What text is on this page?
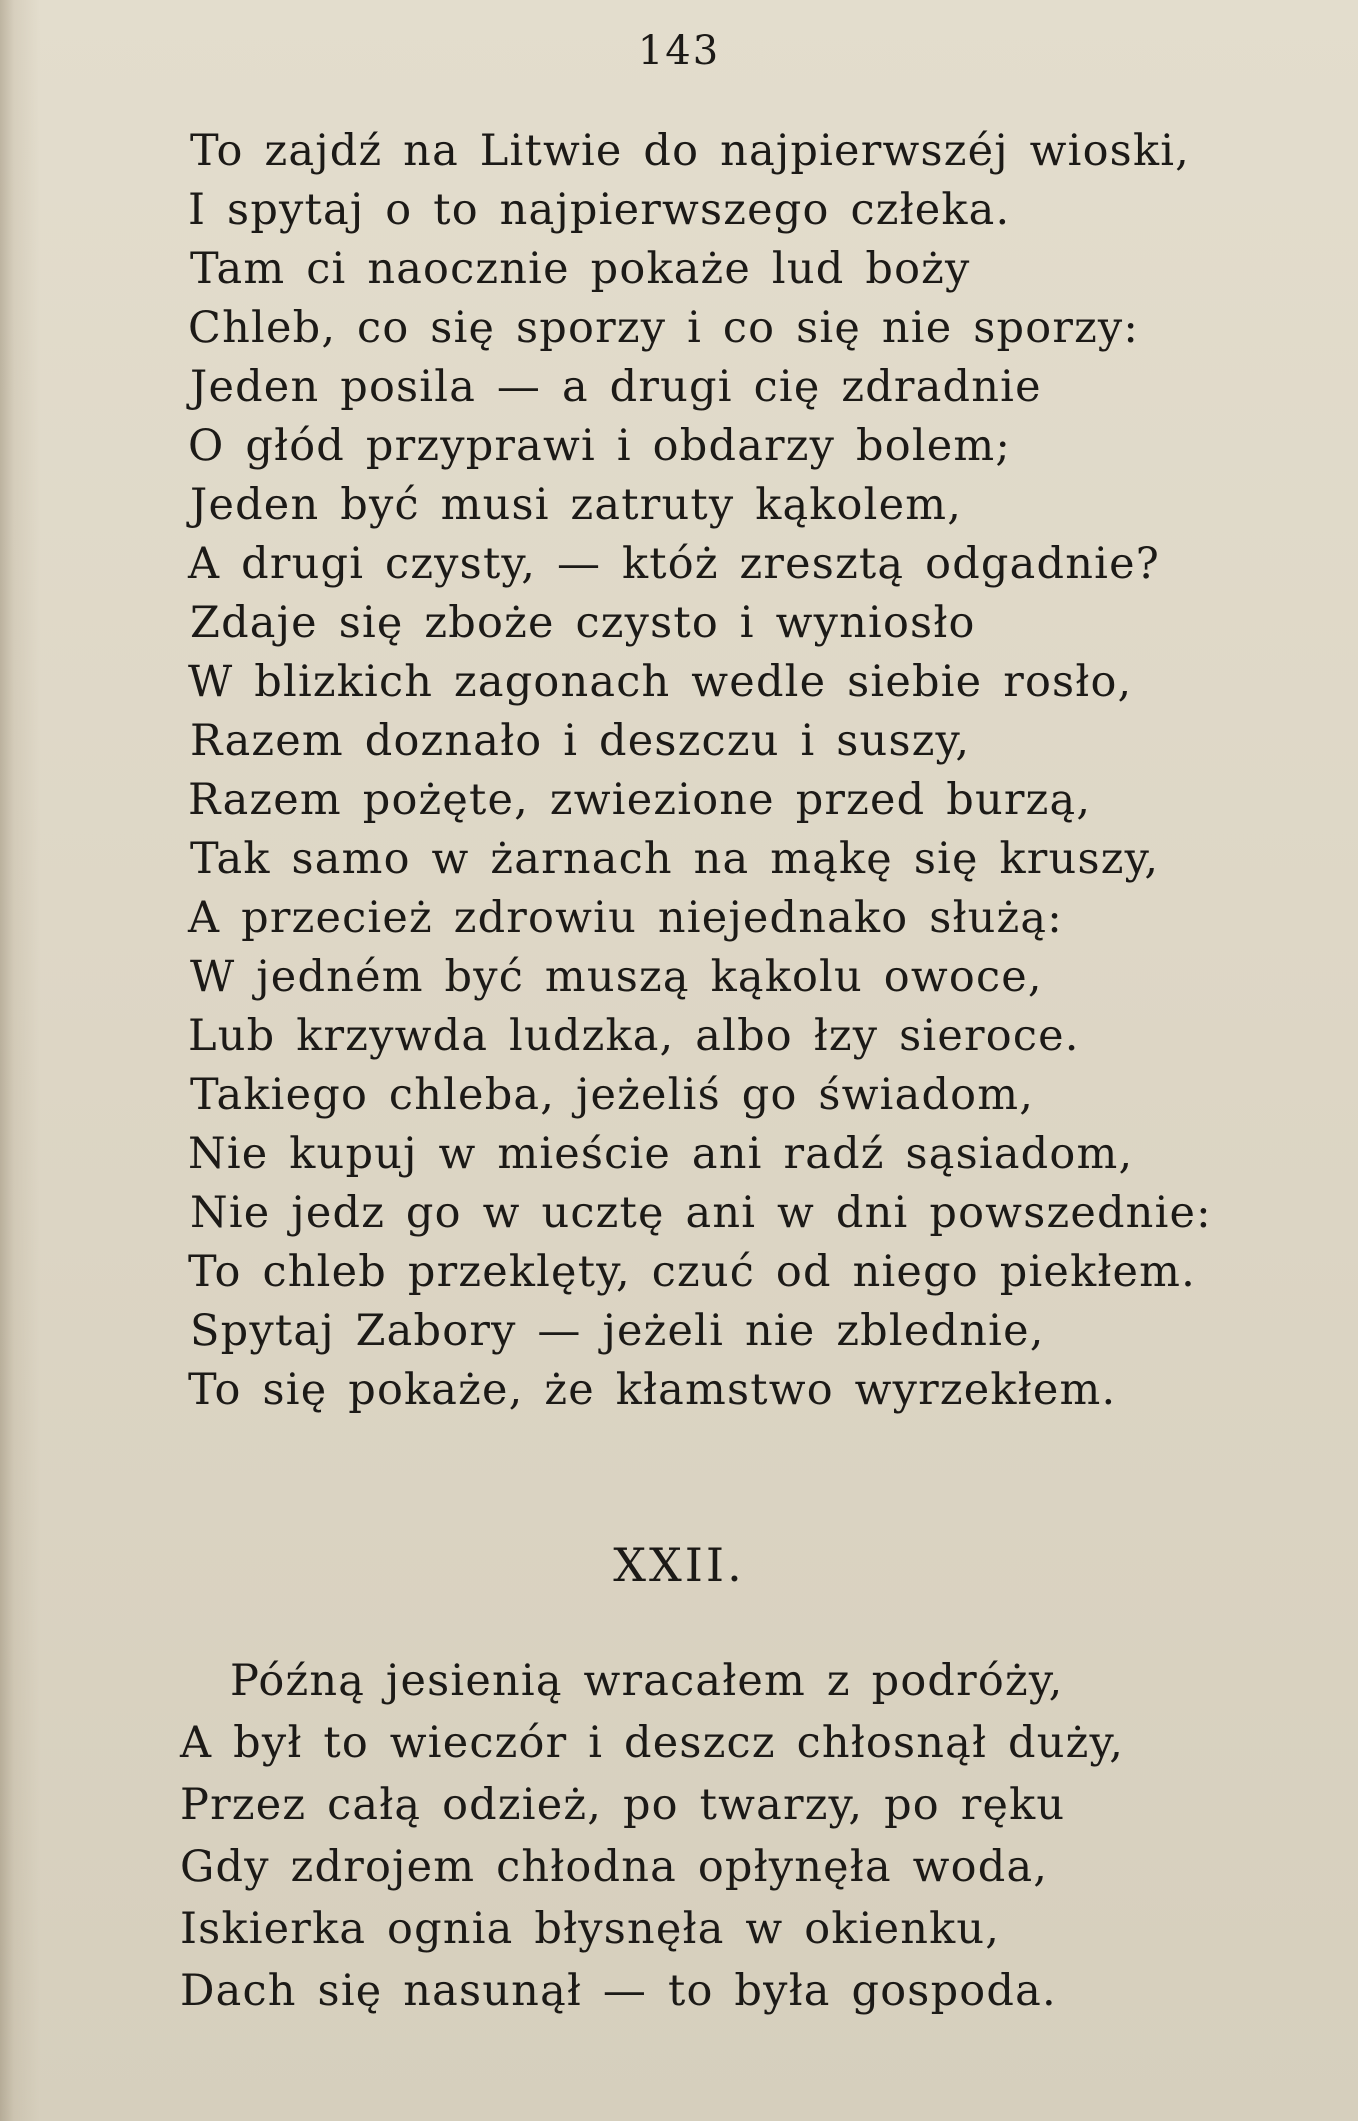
143
To zajdź na Litwie do najpierwszéj wioski,
I spytaj o to najpierwszego człeka.
Tam ci naocznie pokaże lud boży
Chleb, co się sporzy i co się nie sporzy:
Jeden posila — a drugi cię zdradnie
O głód przyprawi i obdarzy bolem;
Jeden być musi zatruty kąkolem,
A drugi czysty, — któż zresztą odgadnie?
Zdaje się zboże czysto i wyniosło
W blizkich zagonach wedle siebie rosło,
Razem doznało i deszczu i suszy,
Razem pożęte, zwiezione przed burzą,
Tak samo w żarnach na mąkę się kruszy,
A przecież zdrowiu niejednako służą:
W jedném być muszą kąkolu owoce,
Lub krzywda ludzka, albo łzy sieroce.
Takiego chleba, jeżeliś go świadom,
Nie kupuj w mieście ani radź sąsiadom,
Nie jedz go w ucztę ani w dni powszednie:
To chleb przeklęty, czuć od niego piekłem.
Spytaj Zabory — jeżeli nie zblednie,
To się pokaże, że kłamstwo wyrzekłem.
XXII.
Późną jesienią wracałem z podróży,
A był to wieczór i deszcz chłosnął duży,
Przez całą odzież, po twarzy, po ręku
Gdy zdrojem chłodna opłynęła woda,
Iskierka ognia błysnęła w okienku,
Dach się nasunął — to była gospoda.
